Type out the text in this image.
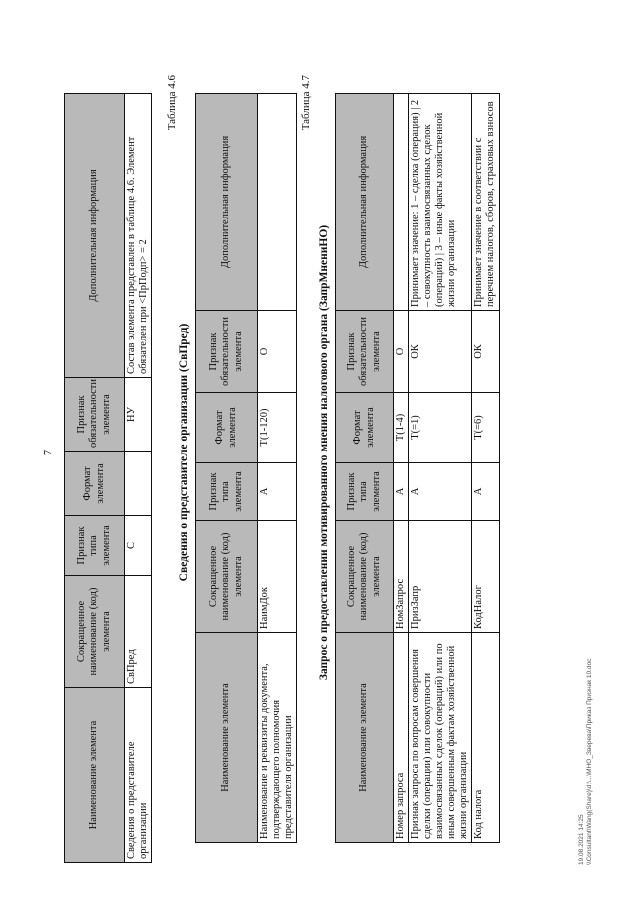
7
Наименование элемента	Сокращенное наименование (код) элемента	Признак типа элемента	Формат элемента	Признак обязательности элемента	Дополнительная информация
Сведения о представителе организации	СвПред	С		НУ	Состав элемента представлен в таблице 4.6. Элемент обязателен при <ПрПодп> = 2
Таблица 4.6
Сведения о представителе организации (СвПред)
Наименование элемента	Сокращенное наименование (код) элемента	Признак типа элемента	Формат элемента	Признак обязательности элемента	Дополнительная информация
Наименование и реквизиты документа, подтверждающего полномочия представителя организации	НаимДок	А	T(1-120)	О	
Таблица 4.7
Запрос о предоставлении мотивированного мнения налогового органа (ЗапрМнениНО)
Наименование элемента	Сокращенное наименование (код) элемента	Признак типа элемента	Формат элемента	Признак обязательности элемента	Дополнительная информация
Номер запроса	НомЗапрос	А	T(1-4)	О	
Признак запроса по вопросам совершения сделки (операции) или совокупности взаимосвязанных сделок (операций) или по иным совершенным фактам хозяйственной жизни организации	ПризЗапр	А	T(=1)	ОК	Принимает значение: 1 – сделка (операция) | 2 – совокупность взаимосвязанных сделок (операций) | 3 – иные факты хозяйственной жизни организации
Код налога	КодНалог	А	T(=6)	ОК	Принимает значение в соответствии с перечнем налогов, сборов, страховых взносов
19.08.2021 14:25 \\Consultant\Wang(Share)\d:\...\МНО_Зверева\Приказ Признак 10.doc
